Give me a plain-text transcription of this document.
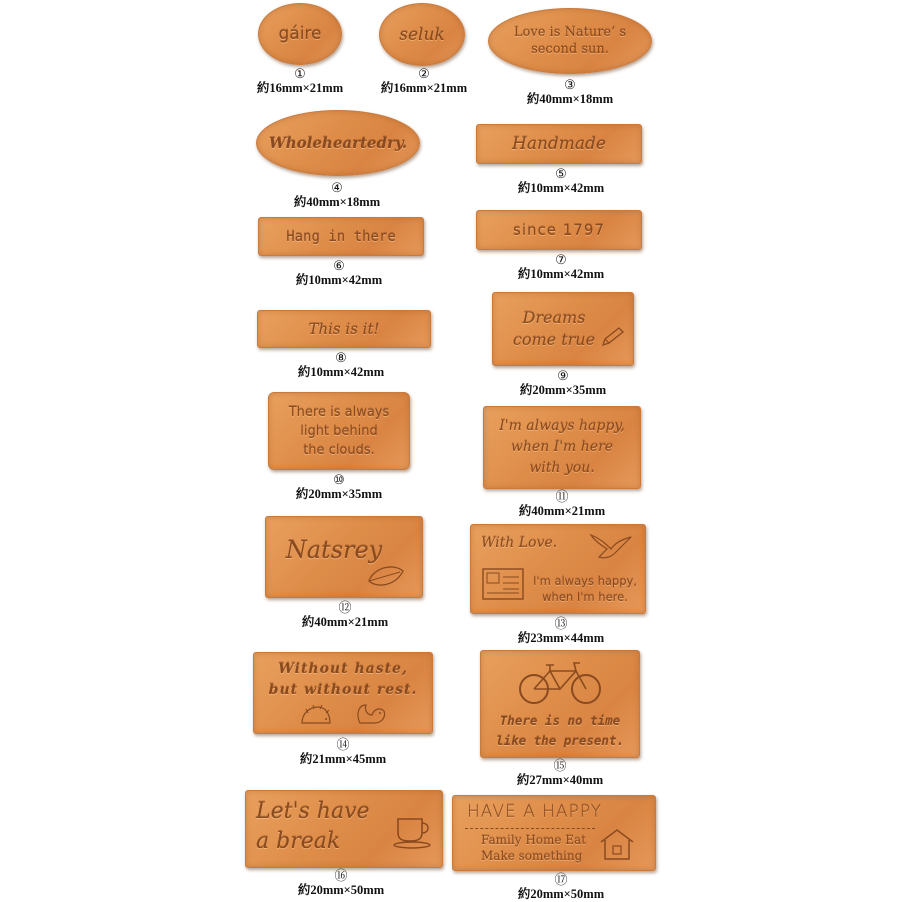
gáire
①
約16mm×21mm
seluk
②
約16mm×21mm
Love is Nature’ s
second sun.
③
約40mm×18mm
Wholeheartedry.
④
約40mm×18mm
Handmade
⑤
約10mm×42mm
Hang in there
⑥
約10mm×42mm
since 1797
⑦
約10mm×42mm
This is it!
⑧
約10mm×42mm
Dreams
come true
⑨
約20mm×35mm
There is always
light behind
the clouds.
⑩
約20mm×35mm
I'm always happy,
when I'm here
with you.
⑪
約40mm×21mm
Natsrey
⑫
約40mm×21mm
With Love.
I'm always happy,
when I'm here.
⑬
約23mm×44mm
Without haste,
but without rest.
⑭
約21mm×45mm
There is no time
like the present.
⑮
約27mm×40mm
Let's have
a break
⑯
約20mm×50mm
HAVE A HAPPY
Family Home Eat
Make something
⑰
約20mm×50mm
